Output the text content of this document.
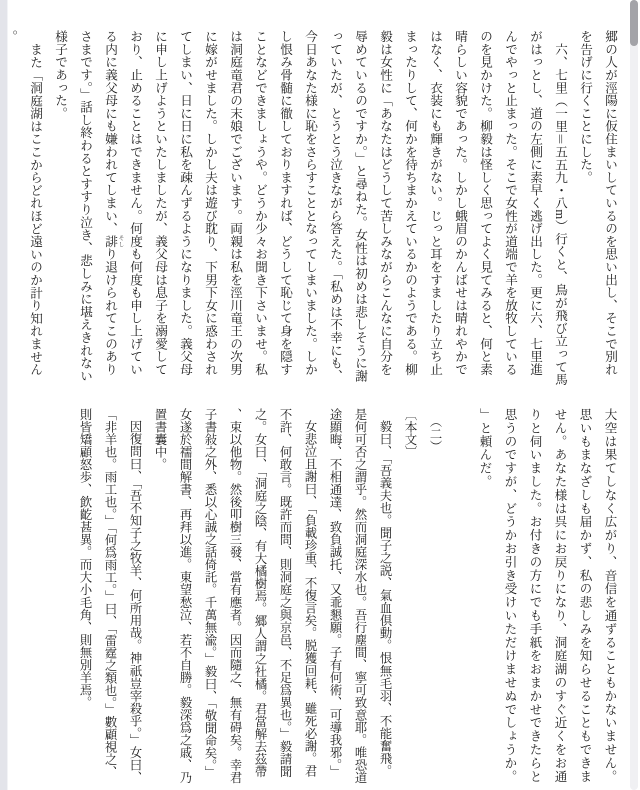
郷の人が涇陽に仮住まいしているのを思い出し、そこで別れを告げに行くことにした。

六、七里（一里＝五五九・八m）行くと、鳥が飛び立って馬がはっとし、道の左側に素早く逃げ出した。更に六、七里進んでやっと止まった。そこで女性が道端で羊を放牧しているのを見かけた。柳毅は怪しく思ってよく見てみると、何と素晴らしい容貌であった。しかし蛾眉のかんばせは晴れやかではなく、衣装にも輝きがない。じっと耳をすましたり立ち止まったりして、何かを待ちまかえているかのようである。柳毅は女性に「あなたはどうして苦しみながらこんなに自分を辱めているのですか。」と尋ねた。女性は初めは悲しそうに謝っていたが、とうとう泣きながら答えた。「私めは不幸にも、今日あなた様に恥をさらすこととなってしまいました。しかし恨み骨髄に徹しておりますれば、どうして恥じて身を隠すことなどできましょうや。どうか少々お聞き下さいませ。私は洞庭竜君の末娘でございます。両親は私を涇川竜王の次男に嫁がせました。しかし夫は遊び耽り、下男下女に惑わされてしまい、日に日に私を疎んずるようになりました。義父母に申し上げようといたしましたが、義父母は息子を溺愛しており、止めることはできません。何度も何度も申し上げている内に義父母にも嫌われてしまい、誹 そしり退けられてこのありさまです。」話し終わるとすすり泣き、悲しみに堪えきれない様子であった。

また「洞庭湖はここからどれほど遠いのか計り知れません。

大空は果てしなく広がり、音信を通ずることもかないません。思いもまなざしも届かず、私の悲しみを知らせることもできません。あなた様は呉にお戻りになり、洞庭湖のすぐ近くをお通りと伺いました。お付きの方にでも手紙をおまかせできたらと思うのですが、どうかお引き受けいただけませぬでしょうか。」と頼んだ。

（二）

〔本文〕

毅曰、「吾義夫也。聞子之説、氣血倶動。恨無毛羽、不能奮飛。是何可否之謂乎。然而洞庭深水也。吾行塵間、寧可致意耶。唯恐道途顯晦、不相通達、致負誠托、又乖懇願。子有何術、可導我邪。」

女悲泣且謝曰、「負載珍重、不復言矣。脱獲回耗、雖死必謝。君不許、何敢言。既許而問、則洞庭之與京邑、不足爲異也。」毅請聞之。女曰、「洞庭之陰、有大橘樹焉。郷人謂之社橘。君當解去茲帶、束以他物。然後叩樹三發、當有應者。因而隨之、無有碍矣。幸君子書敍之外、悉以心誠之話倚託。千萬無渝。」毅曰、「敬聞命矣。」女遂於襦間解書、再拜以進。東望愁泣、若不自勝。毅深爲之戚、乃置書囊中。

因復問曰、「吾不知子之牧羊、何所用哉。神祇豈宰殺乎。」女曰、「非羊也。雨工也。」「何爲雨工。」曰、「雷霆之類也。」數顧視之、則皆矯顧怒歩、飲齕甚異。而大小毛角、則無別羊焉。
